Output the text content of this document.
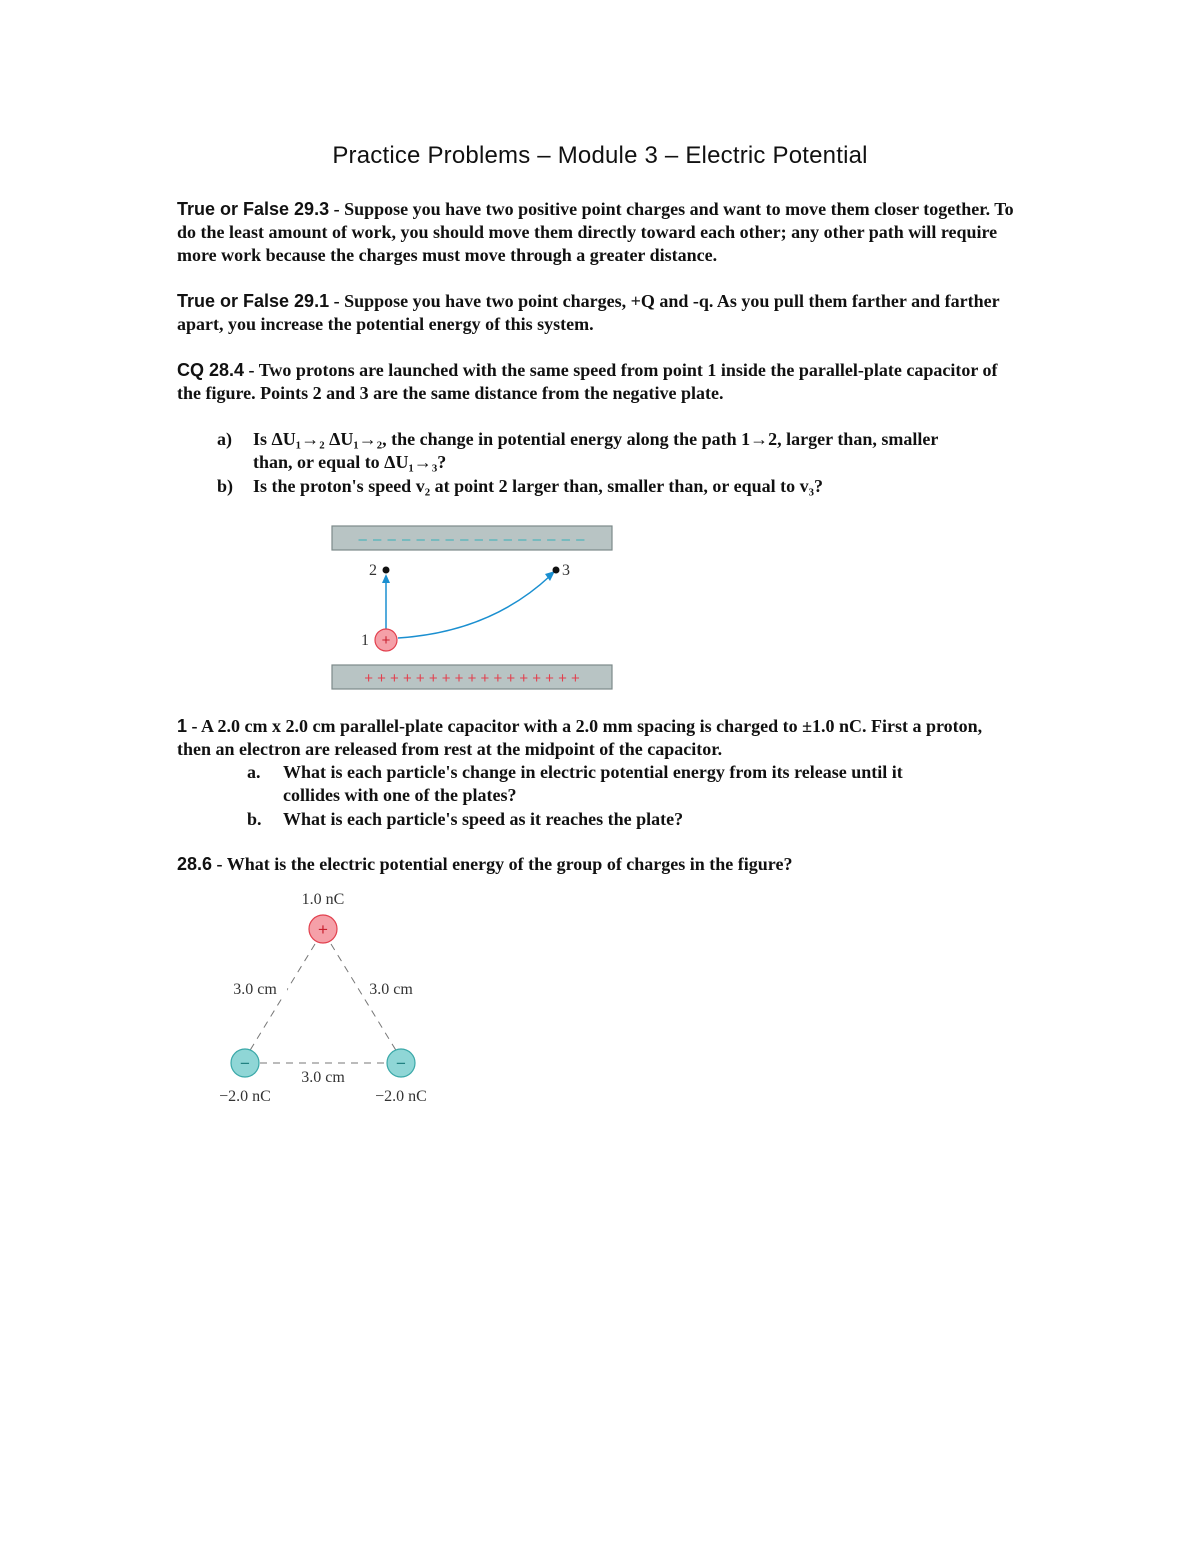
Practice Problems – Module 3 – Electric Potential
True or False 29.3 - Suppose you have two positive point charges and want to move them closer together. To do the least amount of work, you should move them directly toward each other; any other path will require more work because the charges must move through a greater distance.
True or False 29.1 - Suppose you have two point charges, +Q and -q. As you pull them farther and farther apart, you increase the potential energy of this system.
CQ 28.4 - Two protons are launched with the same speed from point 1 inside the parallel-plate capacitor of the figure. Points 2 and 3 are the same distance from the negative plate.
a) Is ΔU₁→₂ ΔU₁→₂, the change in potential energy along the path 1→2, larger than, smaller
than, or equal to ΔU₁→₃?
b) Is the proton's speed v₂ at point 2 larger than, smaller than, or equal to v₃?
– – – – – – – – – – – – – – – –
+ + + + + + + + + + + + + + + + +
2	3
+
1
1 - A 2.0 cm x 2.0 cm parallel-plate capacitor with a 2.0 mm spacing is charged to ±1.0 nC. First a proton, then an electron are released from rest at the midpoint of the capacitor.
a. What is each particle's change in electric potential energy from its release until it
collides with one of the plates?
b. What is each particle's speed as it reaches the plate?
28.6 - What is the electric potential energy of the group of charges in the figure?
1.0 nC
3.0 cm	3.0 cm
3.0 cm
+
−	−
−2.0 nC	−2.0 nC
